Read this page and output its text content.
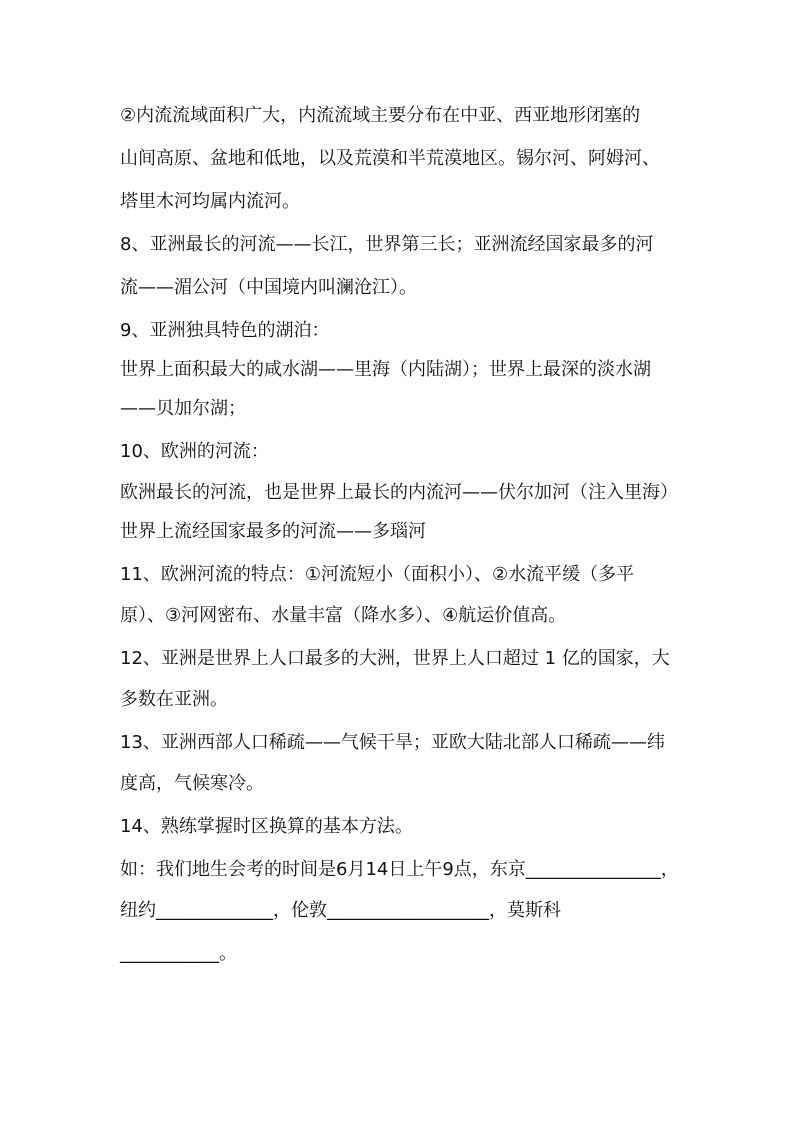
②内流流域面积广大，内流流域主要分布在中亚、西亚地形闭塞的
山间高原、盆地和低地，以及荒漠和半荒漠地区。锡尔河、阿姆河、
塔里木河均属内流河。
8、亚洲最长的河流——长江，世界第三长；亚洲流经国家最多的河
流——湄公河（中国境内叫澜沧江）。
9、亚洲独具特色的湖泊：
世界上面积最大的咸水湖——里海（内陆湖）；世界上最深的淡水湖
——贝加尔湖；
10、欧洲的河流：
欧洲最长的河流，也是世界上最长的内流河——伏尔加河（注入里海）
世界上流经国家最多的河流——多瑙河
11、欧洲河流的特点：①河流短小（面积小）、②水流平缓（多平
原）、③河网密布、水量丰富（降水多）、④航运价值高。
12、亚洲是世界上人口最多的大洲，世界上人口超过 1 亿的国家，大
多数在亚洲。
13、亚洲西部人口稀疏——气候干旱；亚欧大陆北部人口稀疏——纬
度高，气候寒冷。
14、熟练掌握时区换算的基本方法。
如：我们地生会考的时间是6月14日上午9点，东京_______________，
纽约_____________，伦敦__________________，莫斯科
___________。
